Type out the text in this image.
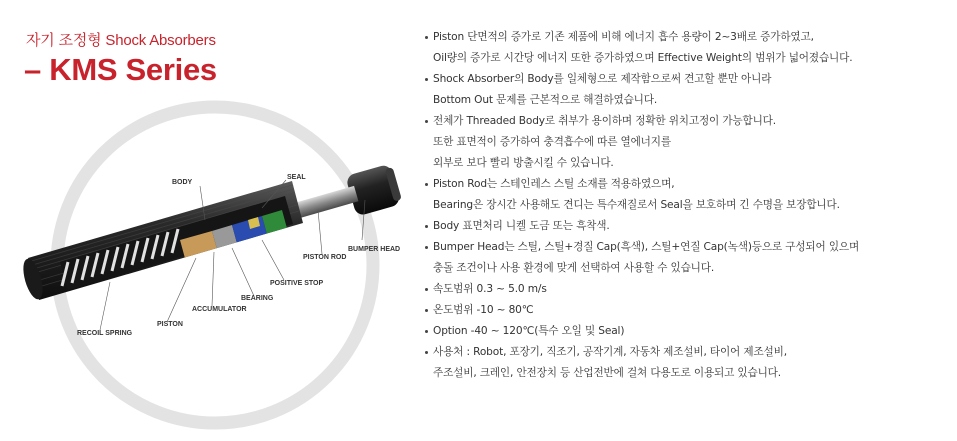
자기 조정형 Shock Absorbers
– KMS Series
BODY
SEAL
BUMPER HEAD
PISTON ROD
POSITIVE STOP
BEARING
ACCUMULATOR
PISTON
RECOIL SPRING
Piston 단면적의 증가로 기존 제품에 비해 에너지 흡수 용량이 2~3배로 증가하였고,
Oil량의 증가로 시간당 에너지 또한 증가하였으며 Effective Weight의 범위가 넓어졌습니다.
Shock Absorber의 Body를 일체형으로 제작함으로써 견고할 뿐만 아니라
Bottom Out 문제를 근본적으로 해결하였습니다.
전체가 Threaded Body로 취부가 용이하며 정확한 위치고정이 가능합니다.
또한 표면적이 증가하여 충격흡수에 따른 열에너지를
외부로 보다 빨리 방출시킬 수 있습니다.
Piston Rod는 스테인레스 스틸 소재를 적용하였으며,
Bearing은 장시간 사용해도 견디는 특수재질로서 Seal을 보호하며 긴 수명을 보장합니다.
Body 표면처리 니켈 도금 또는 흑착색.
Bumper Head는 스틸, 스틸+경질 Cap(흑색), 스틸+연질 Cap(녹색)등으로 구성되어 있으며
충돌 조건이나 사용 환경에 맞게 선택하여 사용할 수 있습니다.
속도범위 0.3 ~ 5.0 m/s
온도범위 -10 ~ 80℃
Option -40 ~ 120℃(특수 오일 및 Seal)
사용처 : Robot, 포장기, 직조기, 공작기계, 자동차 제조설비, 타이어 제조설비,
주조설비, 크레인, 안전장치 등 산업전반에 걸쳐 다용도로 이용되고 있습니다.
